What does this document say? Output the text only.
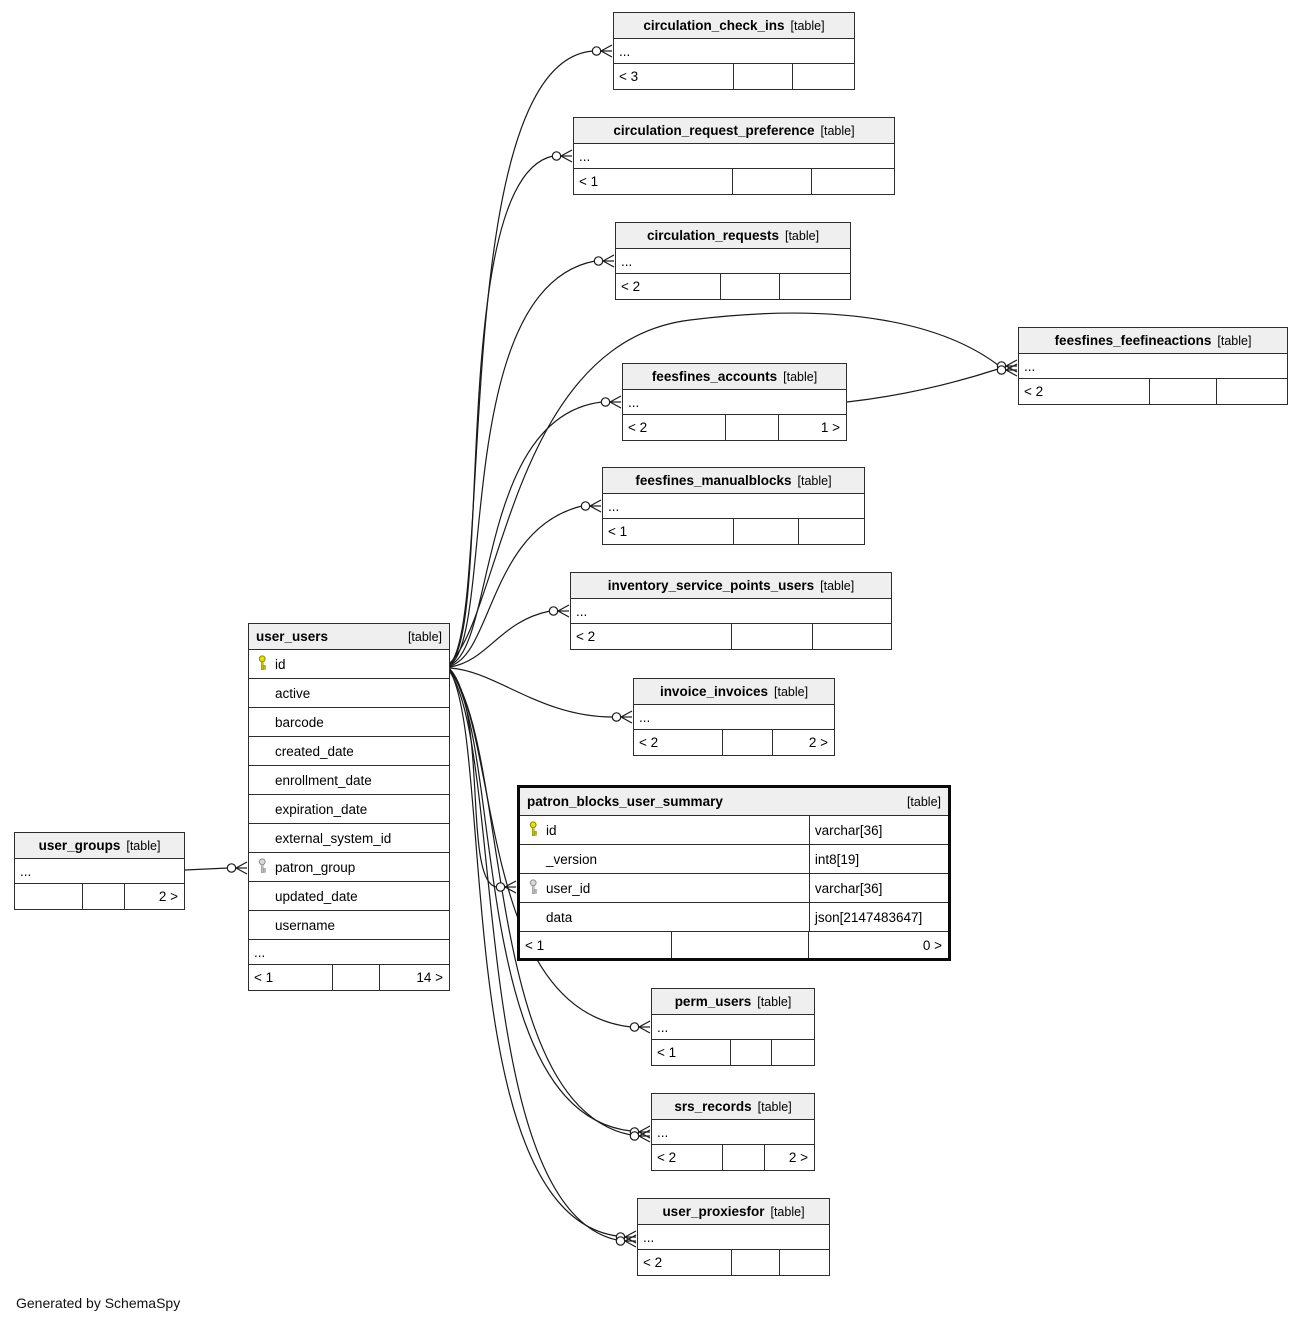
circulation_check_ins [table]
...
< 3
circulation_request_preference [table]
...
< 1
circulation_requests [table]
...
< 2
feesfines_feefineactions [table]
...
< 2
feesfines_accounts [table]
...
< 2	1 >
feesfines_manualblocks [table]
...
< 1
inventory_service_points_users [table]
...
< 2
invoice_invoices [table]
...
< 2	2 >
user_users	[table]
id
active
barcode
created_date
enrollment_date
expiration_date
external_system_id
patron_group
updated_date
username
...
< 1	14 >
user_groups [table]
...
2 >
patron_blocks_user_summary	[table]
id	varchar[36]
_version	int8[19]
user_id	varchar[36]
data	json[2147483647]
< 1	0 >
perm_users [table]
...
< 1
srs_records [table]
...
< 2	2 >
user_proxiesfor [table]
...
< 2
Generated by SchemaSpy
